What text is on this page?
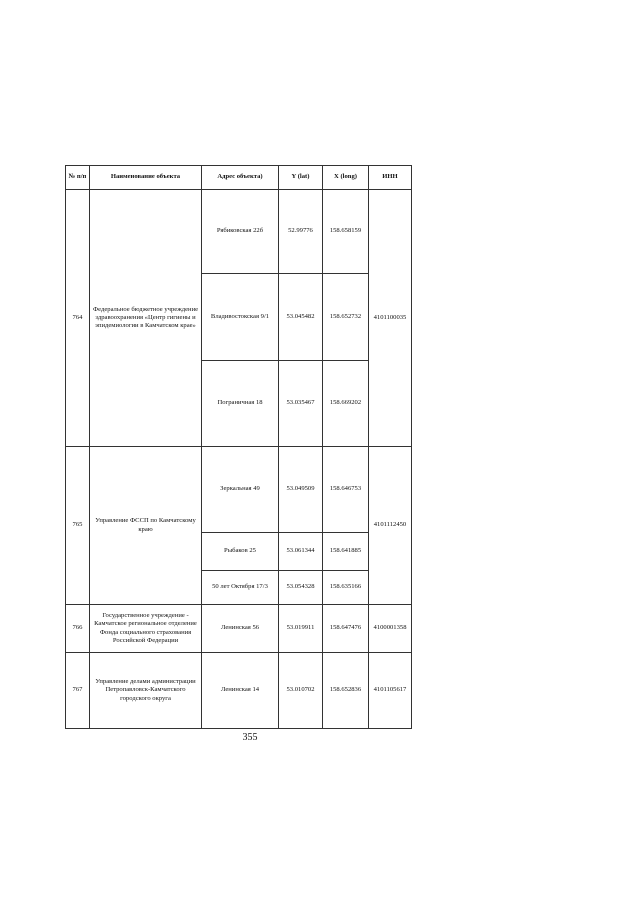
№ п/п	Наименование объекта	Адрес объекта)	Y (lat)	X (long)	ИНН
764	Федеральное бюджетное учреждение здравоохранения «Центр гигиены и эпидемиологии в Камчатском крае»	Рябиковская 22б	52.99776	158.658159	4101100035
		Владивостокская 9/1	53.045482	158.652732	
		Пограничная 18	53.035467	158.669202	
765	Управление ФССП по Камчатскому краю	Зеркальная 49	53.049509	158.646753	4101112450
		Рыбаков 25	53.061344	158.641885	
		50 лет Октября 17/3	53.054328	158.635166	
766	Государственное учреждение - Камчатское региональное отделение Фонда социального страхования Российской Федерации	Ленинская 56	53.019911	158.647476	4100001358
767	Управление делами администрации Петропавловск-Камчатского городского округа	Ленинская 14	53.010702	158.652836	4101105617
355
